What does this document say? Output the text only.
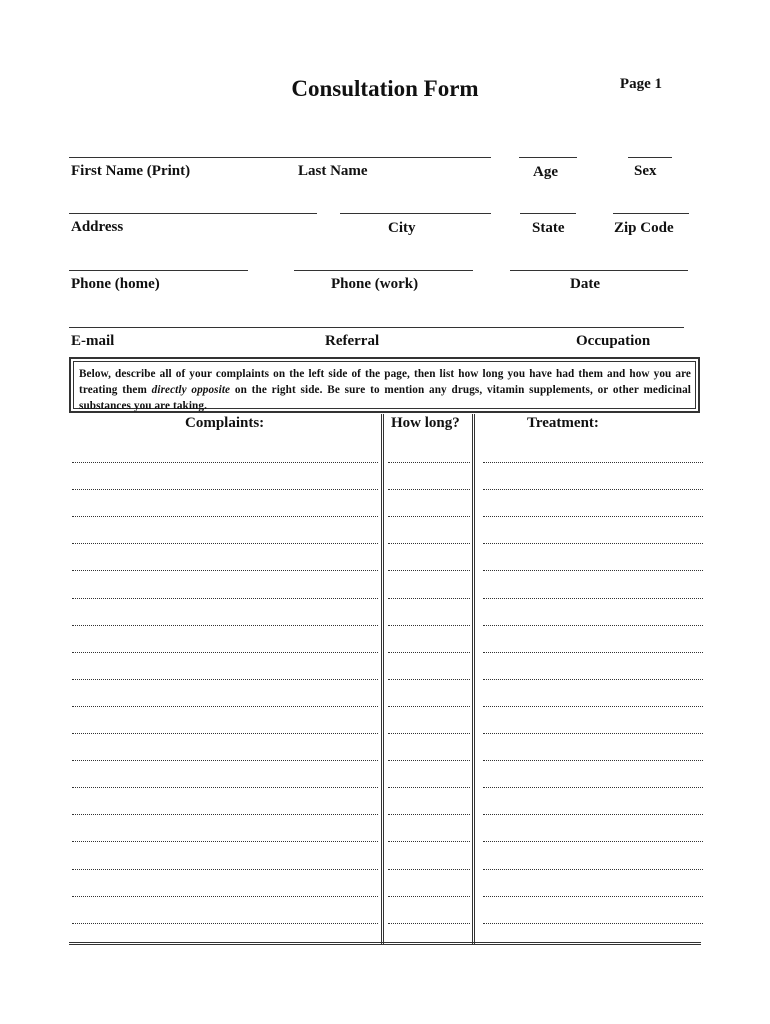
Consultation Form	Page 1
First Name (Print)	Last Name	Age	Sex
Address	City	State	Zip Code
Phone (home)	Phone (work)	Date
E-mail	Referral	Occupation
Below, describe all of your complaints on the left side of the page, then list how long you have had them and how you are treating them directly opposite on the right side. Be sure to mention any drugs, vitamin supplements, or other medicinal substances you are taking.
Complaints:	How long?	Treatment:
